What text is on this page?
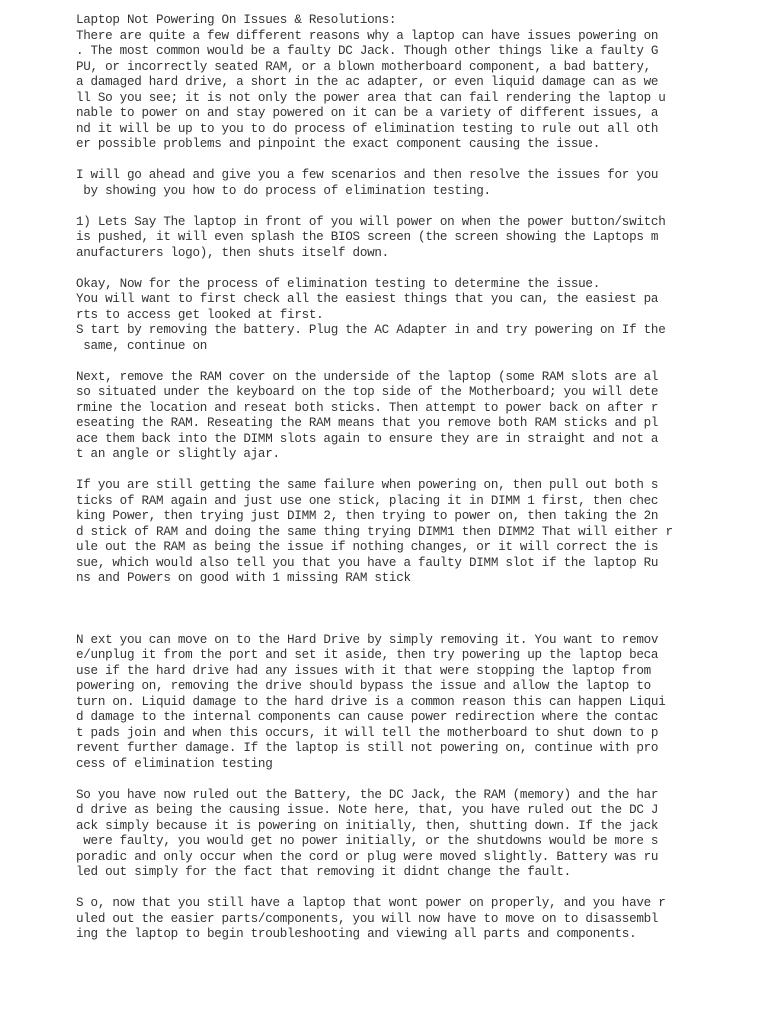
Laptop Not Powering On Issues & Resolutions:
There are quite a few different reasons why a laptop can have issues powering on
. The most common would be a faulty DC Jack. Though other things like a faulty G
PU, or incorrectly seated RAM, or a blown motherboard component, a bad battery,
a damaged hard drive, a short in the ac adapter, or even liquid damage can as we
ll So you see; it is not only the power area that can fail rendering the laptop u
nable to power on and stay powered on it can be a variety of different issues, a
nd it will be up to you to do process of elimination testing to rule out all oth
er possible problems and pinpoint the exact component causing the issue.

I will go ahead and give you a few scenarios and then resolve the issues for you
by showing you how to do process of elimination testing.

1) Lets Say The laptop in front of you will power on when the power button/switch
is pushed, it will even splash the BIOS screen (the screen showing the Laptops m
anufacturers logo), then shuts itself down.

Okay, Now for the process of elimination testing to determine the issue.
You will want to first check all the easiest things that you can, the easiest pa
rts to access get looked at first.
S tart by removing the battery. Plug the AC Adapter in and try powering on If the
same, continue on

Next, remove the RAM cover on the underside of the laptop (some RAM slots are al
so situated under the keyboard on the top side of the Motherboard; you will dete
rmine the location and reseat both sticks. Then attempt to power back on after r
eseating the RAM. Reseating the RAM means that you remove both RAM sticks and pl
ace them back into the DIMM slots again to ensure they are in straight and not a
t an angle or slightly ajar.

If you are still getting the same failure when powering on, then pull out both s
ticks of RAM again and just use one stick, placing it in DIMM 1 first, then chec
king Power, then trying just DIMM 2, then trying to power on, then taking the 2n
d stick of RAM and doing the same thing trying DIMM1 then DIMM2 That will either r
ule out the RAM as being the issue if nothing changes, or it will correct the is
sue, which would also tell you that you have a faulty DIMM slot if the laptop Ru
ns and Powers on good with 1 missing RAM stick

N ext you can move on to the Hard Drive by simply removing it. You want to remov
e/unplug it from the port and set it aside, then try powering up the laptop beca
use if the hard drive had any issues with it that were stopping the laptop from
powering on, removing the drive should bypass the issue and allow the laptop to
turn on. Liquid damage to the hard drive is a common reason this can happen Liqui
d damage to the internal components can cause power redirection where the contac
t pads join and when this occurs, it will tell the motherboard to shut down to p
revent further damage. If the laptop is still not powering on, continue with pro
cess of elimination testing

So you have now ruled out the Battery, the DC Jack, the RAM (memory) and the har
d drive as being the causing issue. Note here, that, you have ruled out the DC J
ack simply because it is powering on initially, then, shutting down. If the jack
were faulty, you would get no power initially, or the shutdowns would be more s
poradic and only occur when the cord or plug were moved slightly. Battery was ru
led out simply for the fact that removing it didnt change the fault.

S o, now that you still have a laptop that wont power on properly, and you have r
uled out the easier parts/components, you will now have to move on to disassembl
ing the laptop to begin troubleshooting and viewing all parts and components.
